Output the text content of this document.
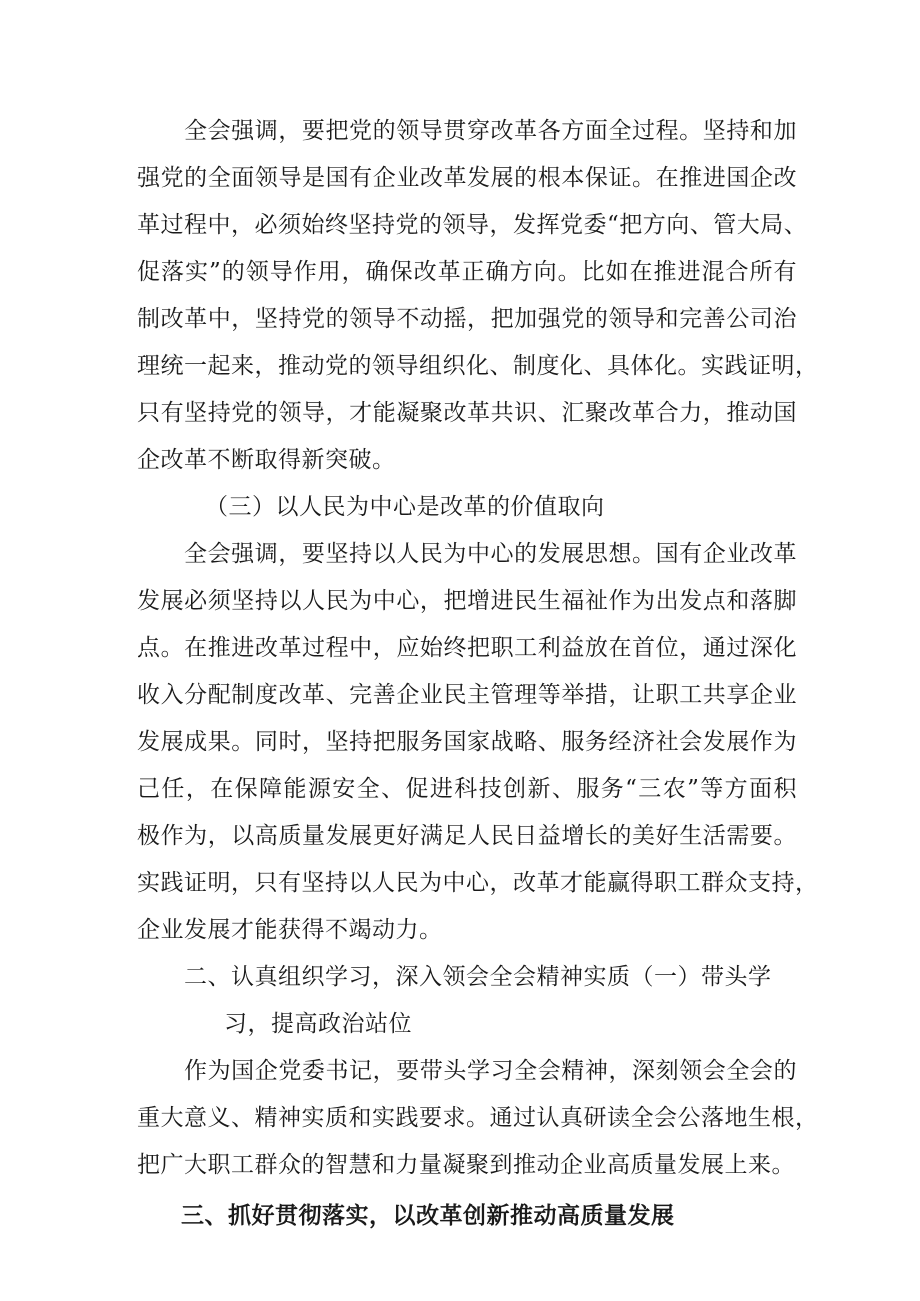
全会强调，要把党的领导贯穿改革各方面全过程。坚持和加
强党的全面领导是国有企业改革发展的根本保证。在推进国企改
革过程中，必须始终坚持党的领导，发挥党委“把方向、管大局、
促落实”的领导作用，确保改革正确方向。比如在推进混合所有
制改革中，坚持党的领导不动摇，把加强党的领导和完善公司治
理统一起来，推动党的领导组织化、制度化、具体化。实践证明，
只有坚持党的领导，才能凝聚改革共识、汇聚改革合力，推动国
企改革不断取得新突破。
（三）以人民为中心是改革的价值取向
全会强调，要坚持以人民为中心的发展思想。国有企业改革
发展必须坚持以人民为中心，把增进民生福祉作为出发点和落脚
点。在推进改革过程中，应始终把职工利益放在首位，通过深化
收入分配制度改革、完善企业民主管理等举措，让职工共享企业
发展成果。同时，坚持把服务国家战略、服务经济社会发展作为
己任，在保障能源安全、促进科技创新、服务“三农”等方面积
极作为，以高质量发展更好满足人民日益增长的美好生活需要。
实践证明，只有坚持以人民为中心，改革才能赢得职工群众支持，
企业发展才能获得不竭动力。
二、认真组织学习，深入领会全会精神实质（一）带头学
习，提高政治站位
作为国企党委书记，要带头学习全会精神，深刻领会全会的
重大意义、精神实质和实践要求。通过认真研读全会公落地生根，
把广大职工群众的智慧和力量凝聚到推动企业高质量发展上来。
三、抓好贯彻落实，以改革创新推动高质量发展
